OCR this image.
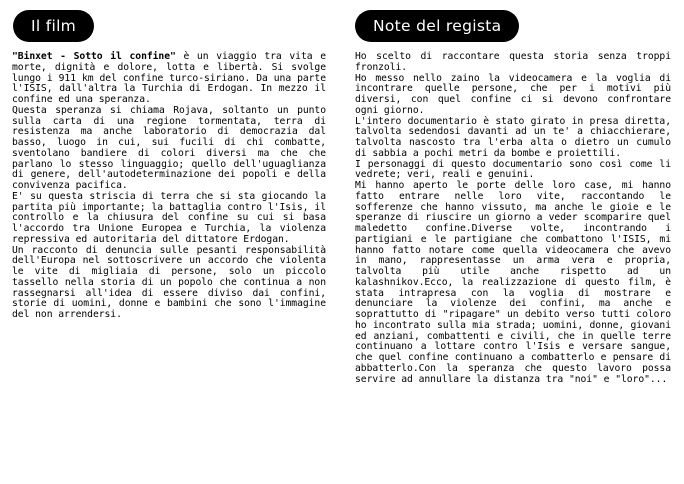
Il film

"Binxet - Sotto il confine" è un viaggio tra vita e morte, dignità e dolore, lotta e libertà. Si svolge lungo i 911 km del confine turco-siriano. Da una parte l'ISIS, dall'altra la Turchia di Erdogan. In mezzo il confine ed una speranza.

Questa speranza si chiama Rojava, soltanto un punto sulla carta di una regione tormentata, terra di resistenza ma anche laboratorio di democrazia dal basso, luogo in cui, sui fucili di chi combatte, sventolano bandiere di colori diversi ma che che parlano lo stesso linguaggio; quello dell'uguaglianza di genere, dell'autodeterminazione dei popoli e della convivenza pacifica.

E' su questa striscia di terra che si sta giocando la partita più importante; la battaglia contro l'Isis, il controllo e la chiusura del confine su cui si basa l'accordo tra Unione Europea e Turchia, la violenza repressiva ed autoritaria del dittatore Erdogan.

Un racconto di denuncia sulle pesanti responsabilità dell'Europa nel sottoscrivere un accordo che violenta le vite di migliaia di persone, solo un piccolo tassello nella storia di un popolo che continua a non rassegnarsi all'idea di essere diviso dai confini, storie di uomini, donne e bambini che sono l'immagine del non arrendersi.

Note del regista

Ho scelto di raccontare questa storia senza troppi fronzoli.

Ho messo nello zaino la videocamera e la voglia di incontrare quelle persone, che per i motivi più diversi, con quel confine ci si devono confrontare ogni giorno.

L'intero documentario è stato girato in presa diretta, talvolta sedendosi davanti ad un te' a chiacchierare, talvolta nascosto tra l'erba alta o dietro un cumulo di sabbia a pochi metri da bombe e proiettili.

I personaggi di questo documentario sono così come li vedrete; veri, reali e genuini.

Mi hanno aperto le porte delle loro case, mi hanno fatto entrare nelle loro vite, raccontando le sofferenze che hanno vissuto, ma anche le gioie e le speranze di riuscire un giorno a veder scomparire quel maledetto confine.Diverse volte, incontrando i partigiani e le partigiane che combattono l'ISIS, mi hanno fatto notare come quella videocamera che avevo in mano, rappresentasse un arma vera e propria, talvolta più utile anche rispetto ad un kalashnikov.Ecco, la realizzazione di questo film, è stata intrapresa con la voglia di mostrare e denunciare la violenze dei confini, ma anche e soprattutto di "ripagare" un debito verso tutti coloro ho incontrato sulla mia strada; uomini, donne, giovani ed anziani, combattenti e civili, che in quelle terre continuano a lottare contro l'Isis e versare sangue, che quel confine continuano a combatterlo e pensare di abbatterlo.Con la speranza che questo lavoro possa servire ad annullare la distanza tra "noi" e "loro"...
